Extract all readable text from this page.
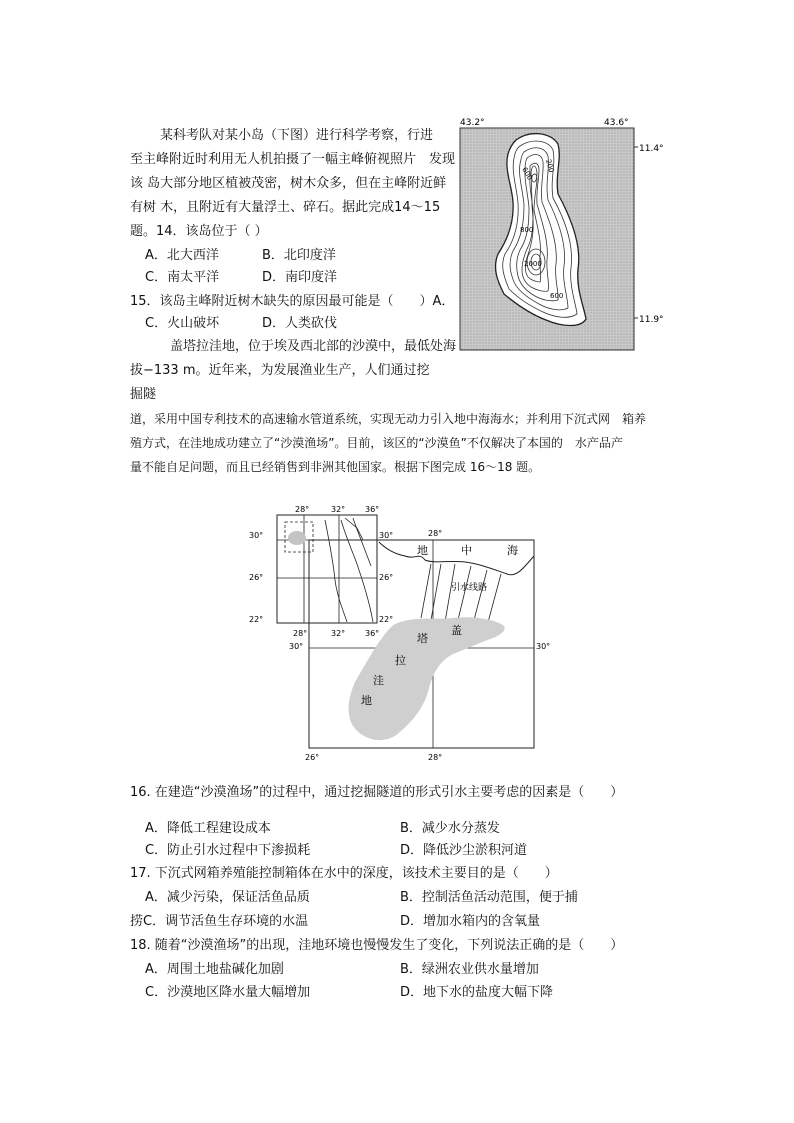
某科考队对某小岛（下图）进行科学考察，行进
至主峰附近时利用无人机拍摄了一幅主峰俯视照片　发现
该 岛大部分地区植被茂密，树木众多，但在主峰附近鲜
有树 木，且附近有大量浮土、碎石。据此完成14～15
题。14．该岛位于（ ）
A．北大西洋	B．北印度洋
C．南太平洋	D．南印度洋
15．该岛主峰附近树木缺失的原因最可能是（　　）A．
C．火山破坏	D．人类砍伐
43.2°	43.6°
11.4°
11.9°
600
800
2000
600
200
盖塔拉洼地，位于埃及西北部的沙漠中，最低处海
拔−133 m。近年来，为发展渔业生产，人们通过挖
掘隧
道，采用中国专利技术的高速输水管道系统，实现无动力引入地中海海水；并利用下沉式网　箱养
殖方式，在洼地成功建立了“沙漠渔场”。目前，该区的“沙漠鱼”不仅解决了本国的　水产品产
量不能自足问题，而且已经销售到非洲其他国家。根据下图完成 16～18 题。
28°	32° 36°
30°
26°
22°
30°
26°
22°
28°	32° 36°
28°
30°	30°
26°	28°
地	中	海
引水线路
塔
盖
拉
洼
地
16. 在建造“沙漠渔场”的过程中，通过挖掘隧道的形式引水主要考虑的因素是（　　）
A．降低工程建设成本	B．减少水分蒸发
C．防止引水过程中下渗损耗	D．降低沙尘淤积河道
17. 下沉式网箱养殖能控制箱体在水中的深度，该技术主要目的是（　　）
A．减少污染，保证活鱼品质	B．控制活鱼活动范围，便于捕
捞C．调节活鱼生存环境的水温	D．增加水箱内的含氧量
18. 随着“沙漠渔场”的出现，洼地环境也慢慢发生了变化，下列说法正确的是（　　）
A．周围土地盐碱化加剧	B．绿洲农业供水量增加
C．沙漠地区降水量大幅增加	D．地下水的盐度大幅下降
